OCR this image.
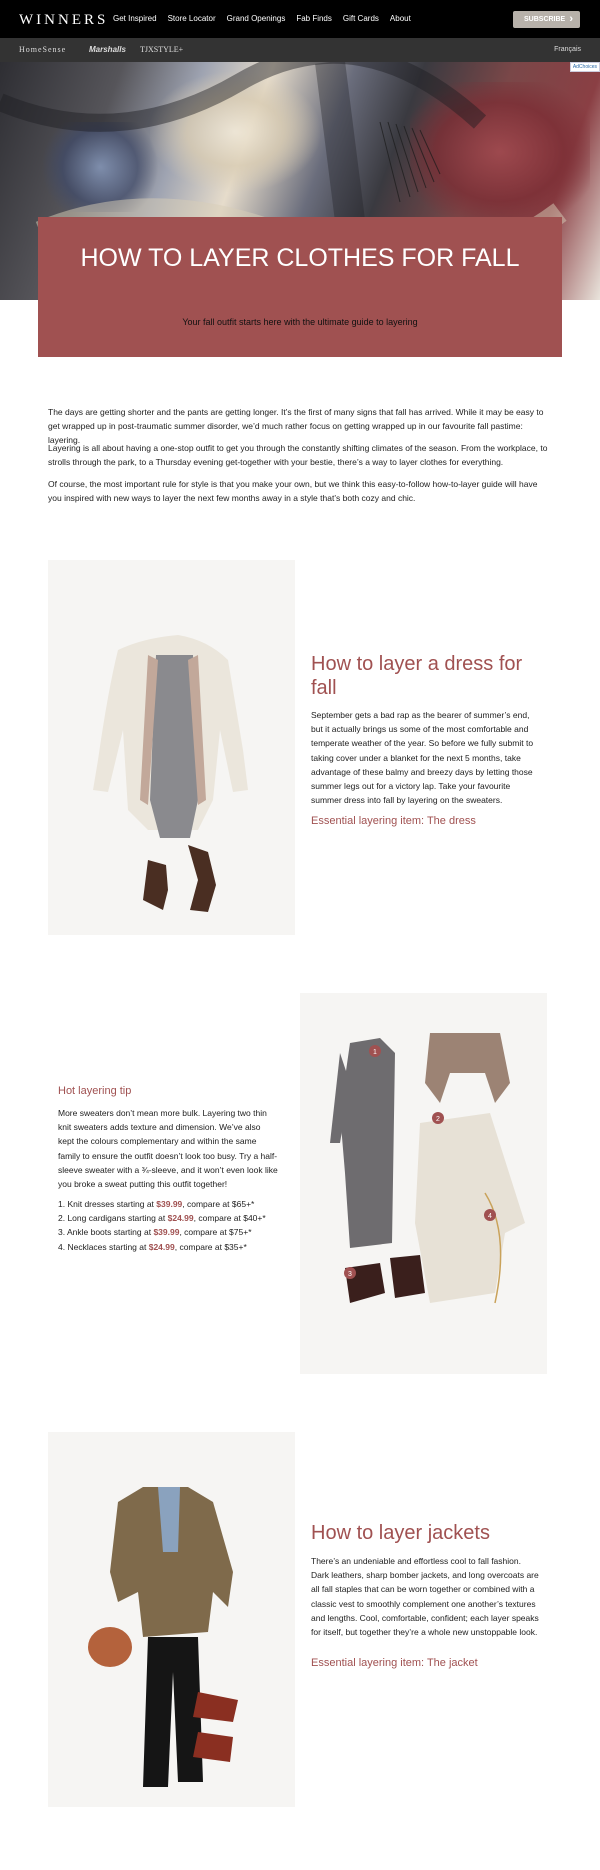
WINNERS Get Inspired Store Locator Grand Openings Fab Finds Gift Cards About	SUBSCRIBE ›
HomeSense	Marshalls TJXSTYLE+	Français
AdChoices
HOW TO LAYER CLOTHES FOR FALL
Your fall outfit starts here with the ultimate guide to layering

The days are getting shorter and the pants are getting longer. It’s the first of many signs that fall has arrived. While it may be easy to get wrapped up in post-traumatic summer disorder, we’d much rather focus on getting wrapped up in our favourite fall pastime: layering.

Layering is all about having a one-stop outfit to get you through the constantly shifting climates of the season. From the workplace, to strolls through the park, to a Thursday evening get-together with your bestie, there’s a way to layer clothes for everything.

Of course, the most important rule for style is that you make your own, but we think this easy-to-follow how-to-layer guide will have you inspired with new ways to layer the next few months away in a style that’s both cozy and chic.

How to layer a dress for fall

September gets a bad rap as the bearer of summer’s end, but it actually brings us some of the most comfortable and temperate weather of the year. So before we fully submit to taking cover under a blanket for the next 5 months, take advantage of these balmy and breezy days by letting those summer legs out for a victory lap. Take your favourite summer dress into fall by layering on the sweaters.

Essential layering item: The dress
Hot layering tip

More sweaters don’t mean more bulk. Layering two thin knit sweaters adds texture and dimension. We’ve also kept the colours complementary and within the same family to ensure the outfit doesn’t look too busy. Try a half-sleeve sweater with a ¾-sleeve, and it won’t even look like you broke a sweat putting this outfit together!

1. Knit dresses starting at $39.99, compare at $65+*
2. Long cardigans starting at $24.99, compare at $40+*
3. Ankle boots starting at $39.99, compare at $75+*
4. Necklaces starting at $24.99, compare at $35+*
1
2
3
4
How to layer jackets

There’s an undeniable and effortless cool to fall fashion. Dark leathers, sharp bomber jackets, and long overcoats are all fall staples that can be worn together or combined with a classic vest to smoothly complement one another’s textures and lengths. Cool, comfortable, confident; each layer speaks for itself, but together they’re a whole new unstoppable look.

Essential layering item: The jacket
